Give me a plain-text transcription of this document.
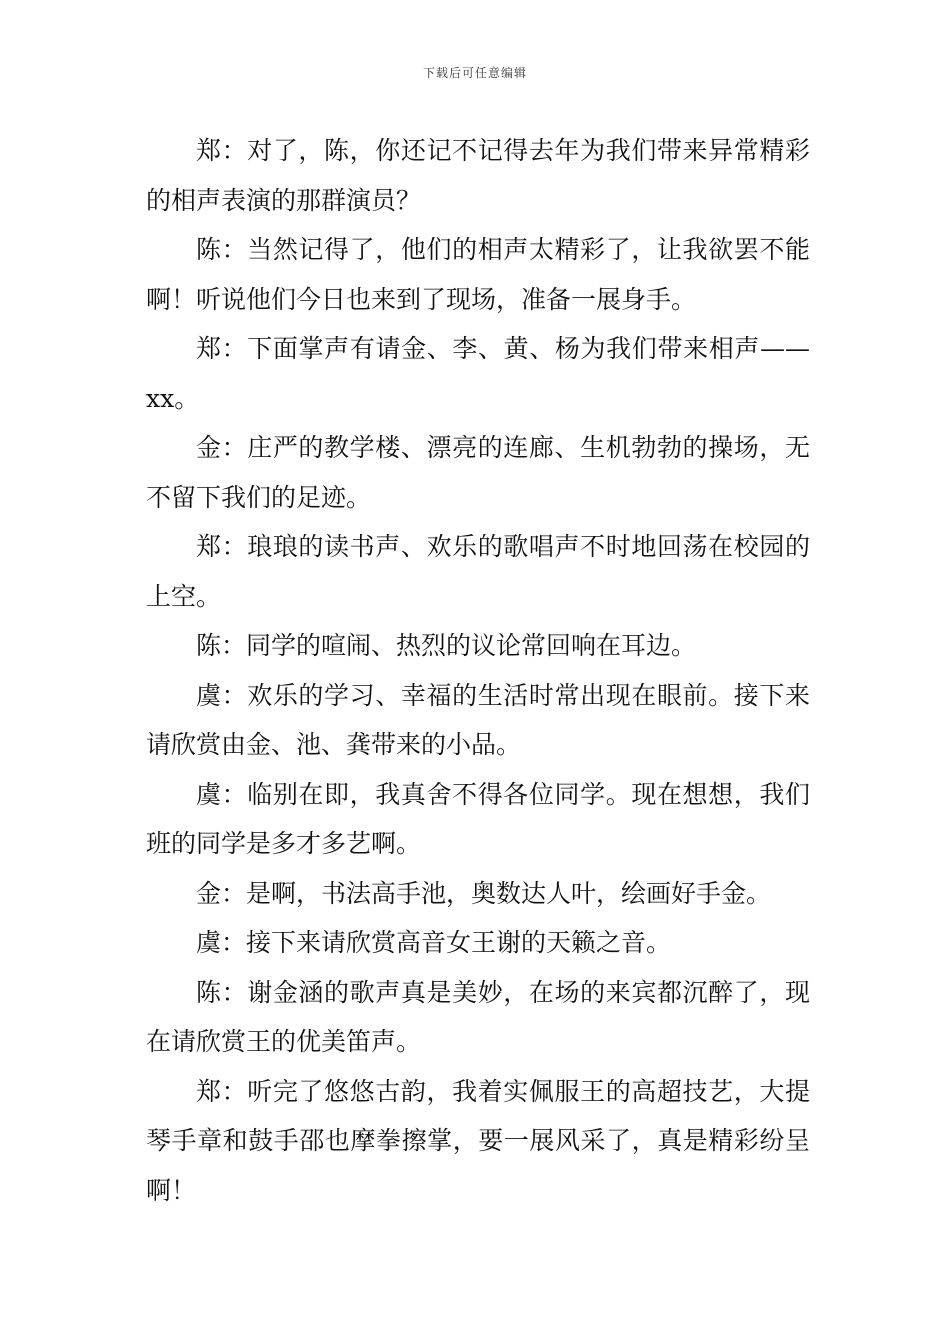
下载后可任意编辑

郑：对了，陈，你还记不记得去年为我们带来异常精彩的相声表演的那群演员？

陈：当然记得了，他们的相声太精彩了，让我欲罢不能啊！听说他们今日也来到了现场，准备一展身手。

郑：下面掌声有请金、李、黄、杨为我们带来相声——xx。

金：庄严的教学楼、漂亮的连廊、生机勃勃的操场，无不留下我们的足迹。

郑：琅琅的读书声、欢乐的歌唱声不时地回荡在校园的上空。

陈：同学的喧闹、热烈的议论常回响在耳边。

虞：欢乐的学习、幸福的生活时常出现在眼前。接下来请欣赏由金、池、龚带来的小品。

虞：临别在即，我真舍不得各位同学。现在想想，我们班的同学是多才多艺啊。

金：是啊，书法高手池，奥数达人叶，绘画好手金。

虞：接下来请欣赏高音女王谢的天籁之音。

陈：谢金涵的歌声真是美妙，在场的来宾都沉醉了，现在请欣赏王的优美笛声。

郑：听完了悠悠古韵，我着实佩服王的高超技艺，大提琴手章和鼓手邵也摩拳擦掌，要一展风采了，真是精彩纷呈啊！
